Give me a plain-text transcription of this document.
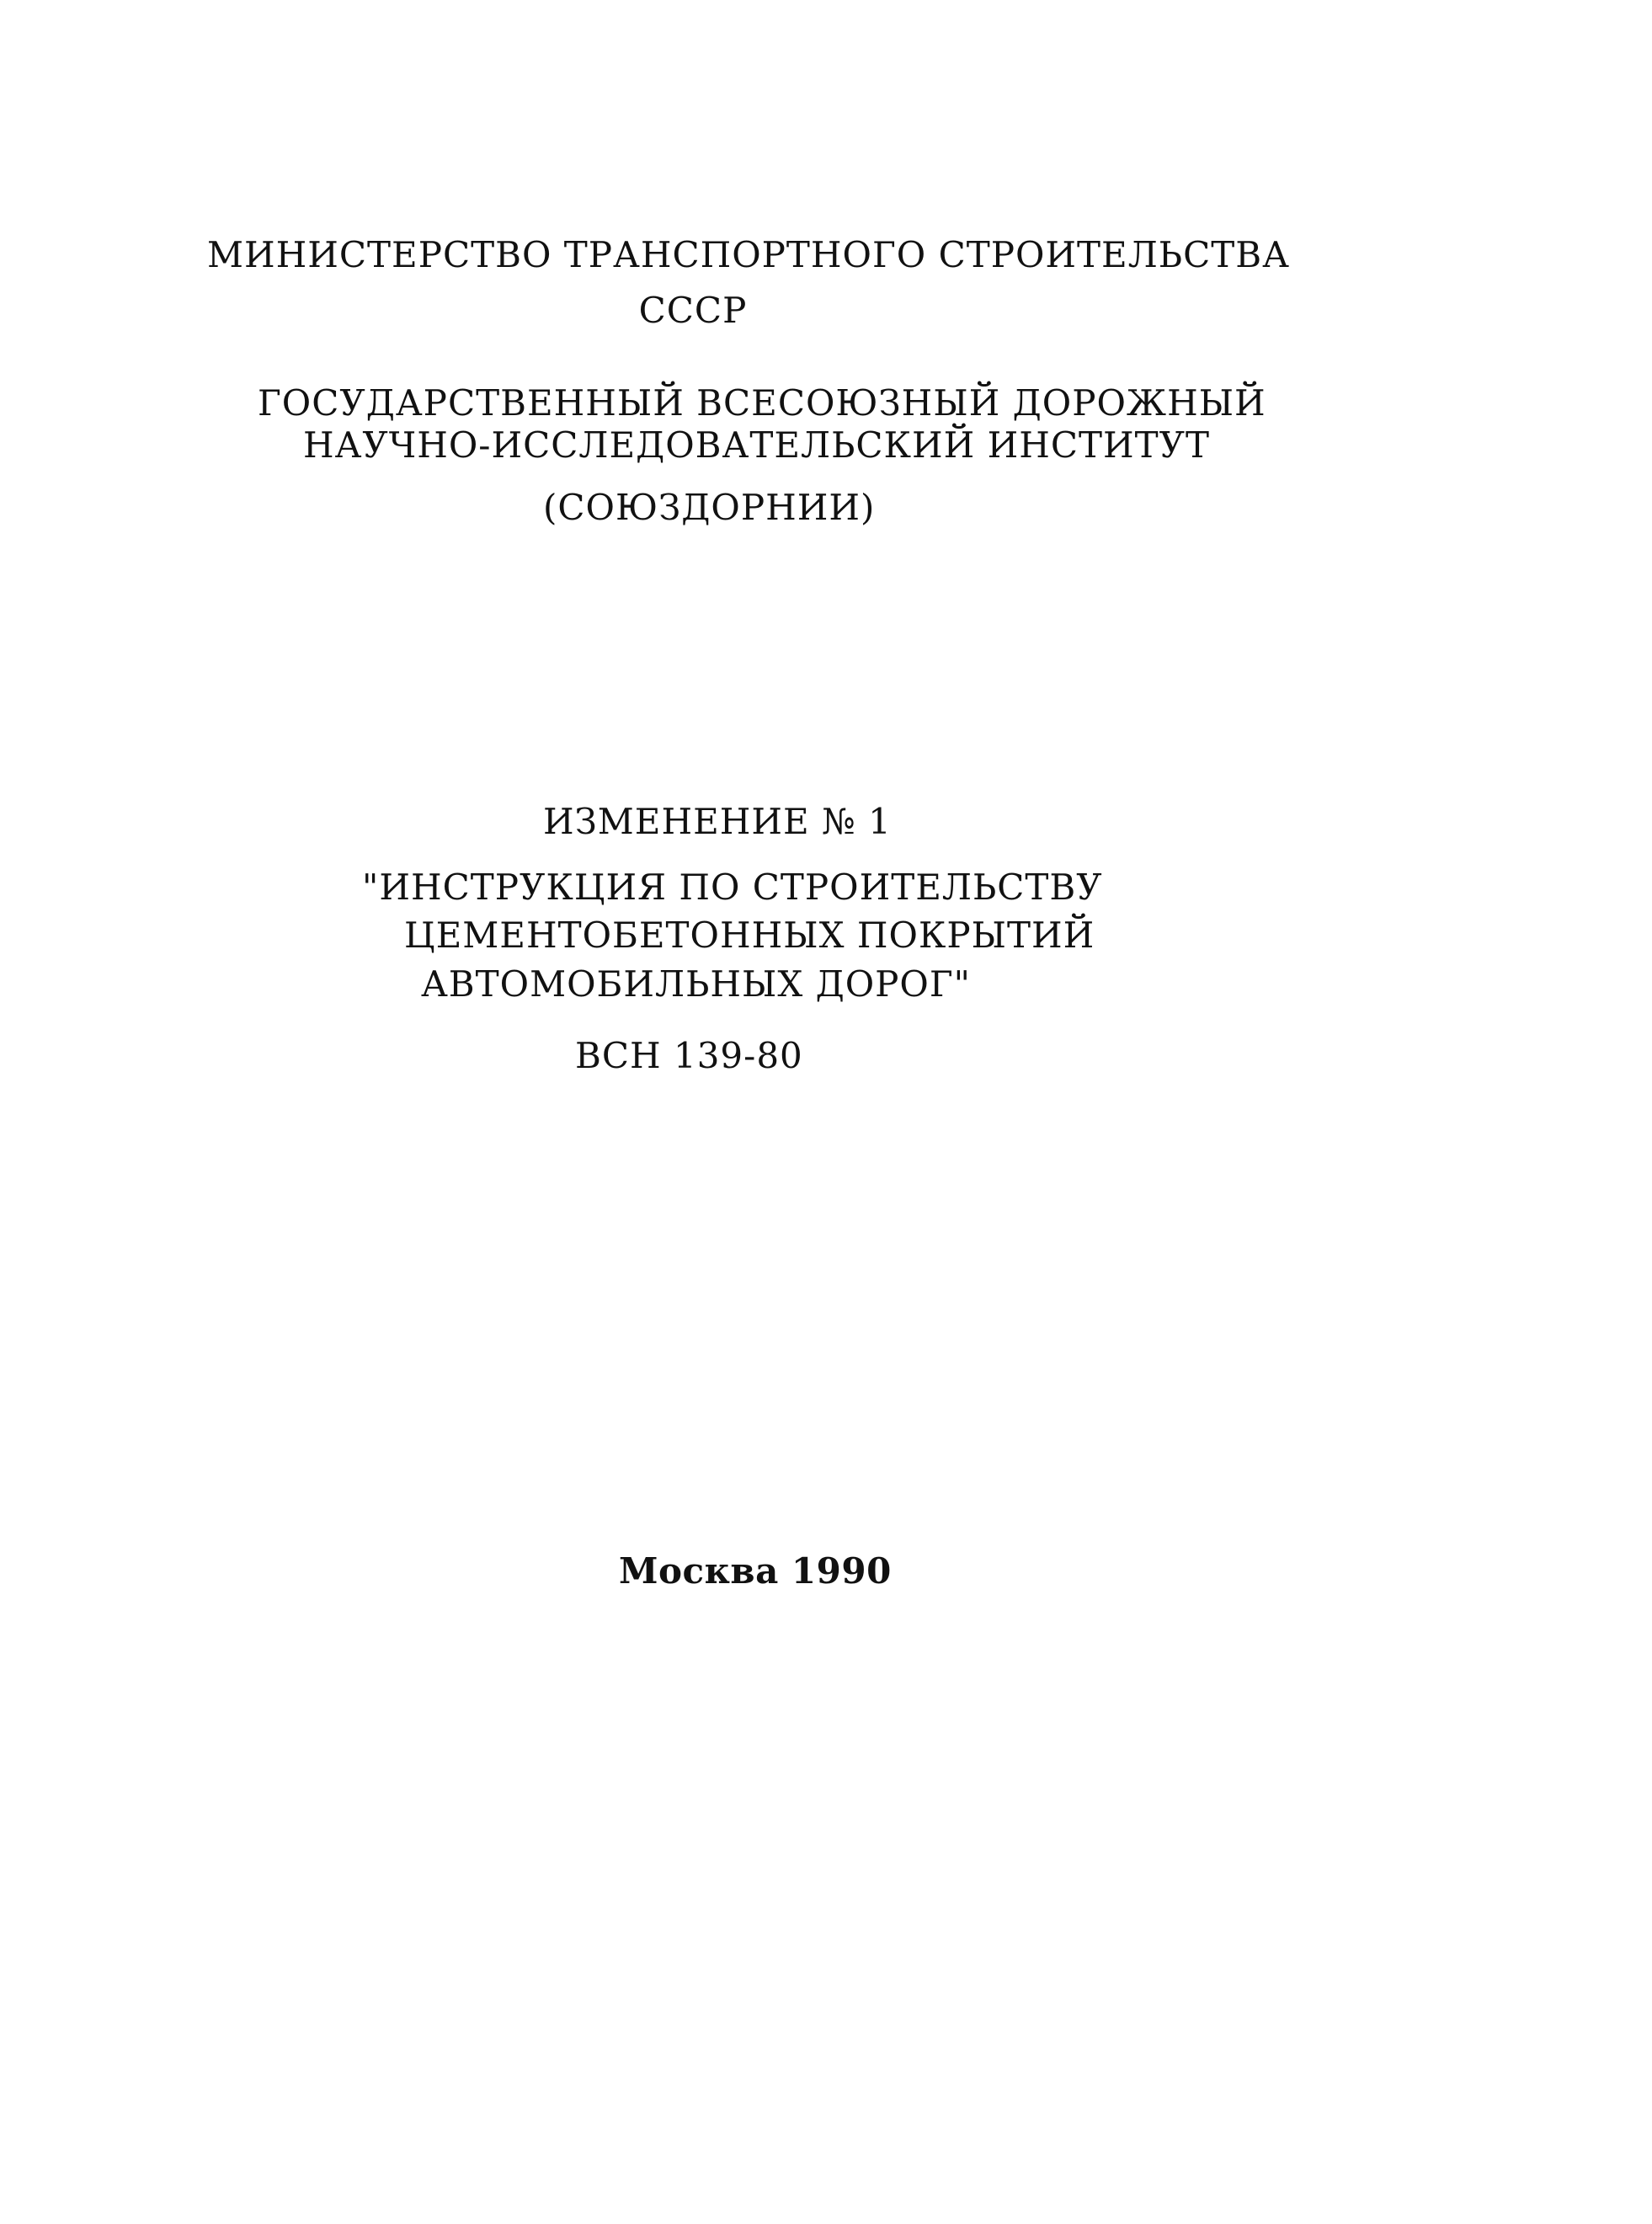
МИНИСТЕРСТВО ТРАНСПОРТНОГО СТРОИТЕЛЬСТВА
СССР
ГОСУДАРСТВЕННЫЙ ВСЕСОЮЗНЫЙ ДОРОЖНЫЙ
НАУЧНО-ИССЛЕДОВАТЕЛЬСКИЙ ИНСТИТУТ
(СОЮЗДОРНИИ)
ИЗМЕНЕНИЕ № 1
"ИНСТРУКЦИЯ ПО СТРОИТЕЛЬСТВУ
ЦЕМЕНТОБЕТОННЫХ ПОКРЫТИЙ
АВТОМОБИЛЬНЫХ ДОРОГ"
ВСН 139-80
Москва 1990
